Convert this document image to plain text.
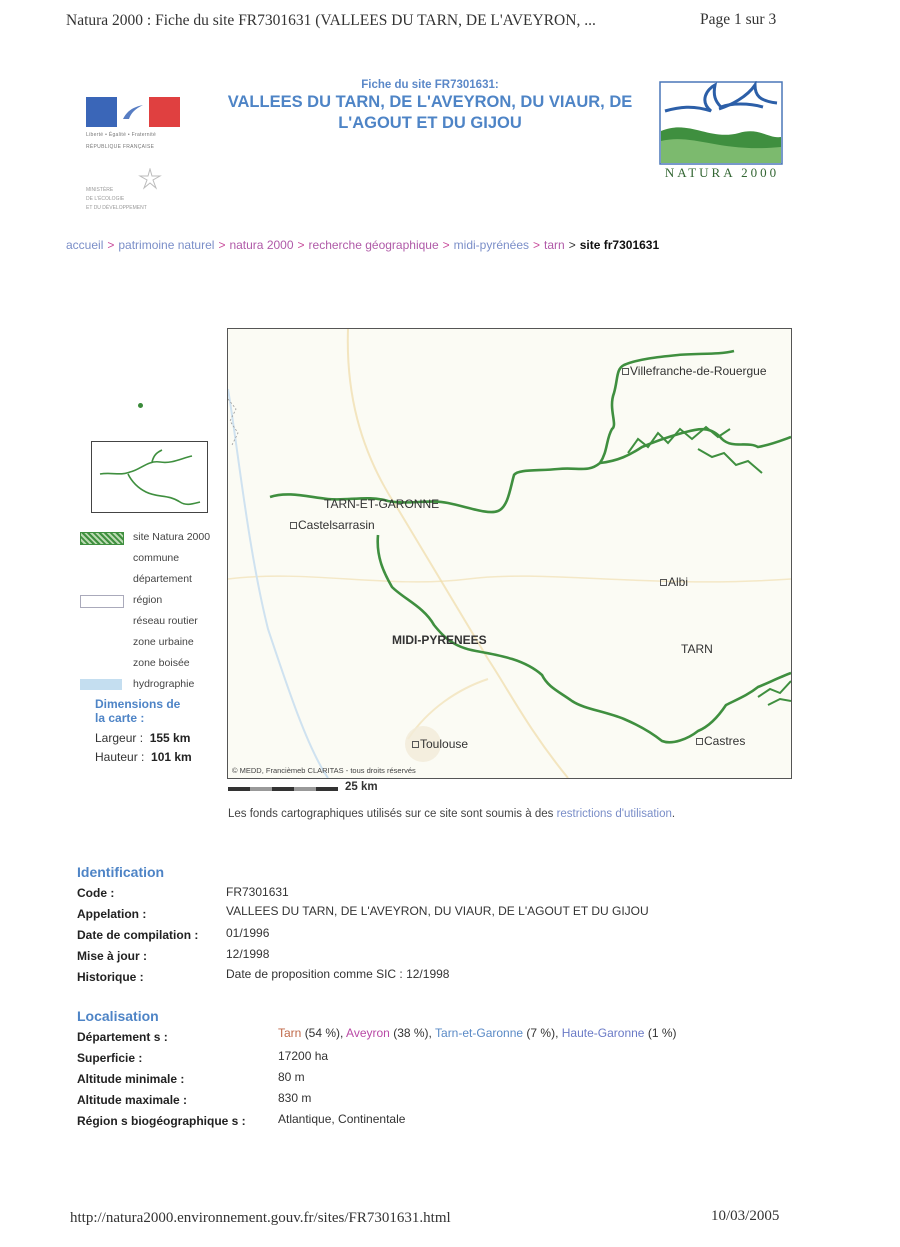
Natura 2000 : Fiche du site FR7301631 (VALLEES DU TARN, DE L'AVEYRON, ...	Page 1 sur 3
Liberté • Égalité • Fraternité
RÉPUBLIQUE FRANÇAISE
MINISTÈRE
DE L'ÉCOLOGIE
ET DU DÉVELOPPEMENT
NATURA 2000
Fiche du site FR7301631:
VALLEES DU TARN, DE L'AVEYRON, DU VIAUR, DE
L'AGOUT ET DU GIJOU
accueil > patrimoine naturel > natura 2000 > recherche géographique > midi-pyrénées > tarn > site fr7301631
site Natura 2000
commune
département
région
réseau routier
zone urbaine
zone boisée
hydrographie
Dimensions de
la carte :
Largeur : 155 km
Hauteur : 101 km
Villefranche-de-Rouergue
TARN-ET-GARONNE
Castelsarrasin
Albi
MIDI-PYRENEES
TARN
Toulouse	Castres
© MEDD, Francièmeb CLARITAS - tous droits réservés
25 km
Les fonds cartographiques utilisés sur ce site sont soumis à des restrictions d'utilisation.
Identification
Code :	FR7301631
Appelation :	VALLEES DU TARN, DE L'AVEYRON, DU VIAUR, DE L'AGOUT ET DU GIJOU
Date de compilation : 01/1996
Mise à jour :	12/1998
Historique :	Date de proposition comme SIC : 12/1998
Localisation
Département s :	Tarn (54 %), Aveyron (38 %), Tarn-et-Garonne (7 %), Haute-Garonne (1 %)
Superficie :	17200 ha
Altitude minimale :	80 m
Altitude maximale :	830 m
Région s biogéographique s :	Atlantique, Continentale
http://natura2000.environnement.gouv.fr/sites/FR7301631.html	10/03/2005
